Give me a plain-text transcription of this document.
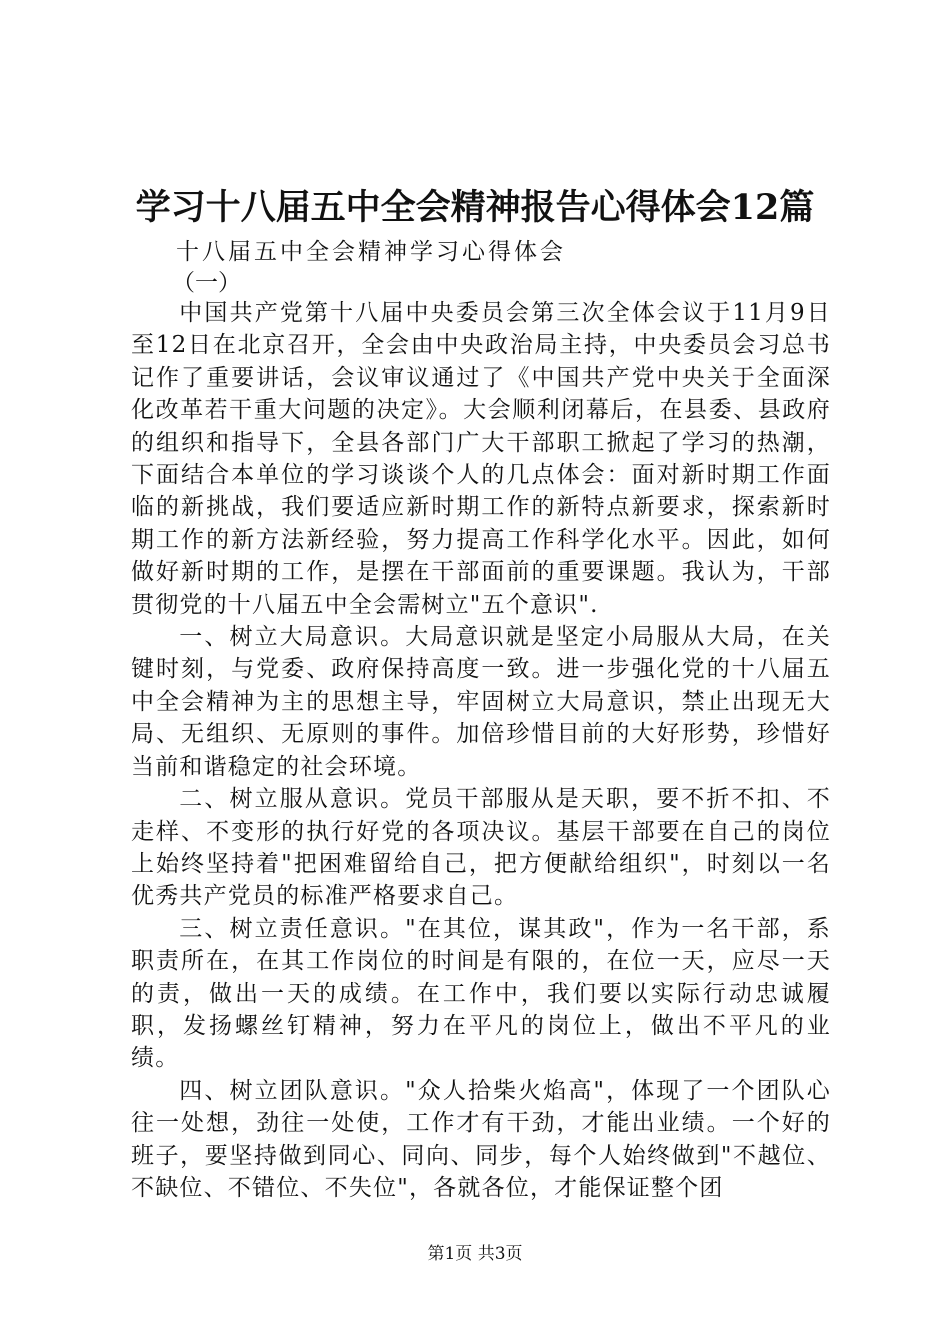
学习十八届五中全会精神报告心得体会12篇
十八届五中全会精神学习心得体会
（一）

中国共产党第十八届中央委员会第三次全体会议于11月9日至12日在北京召开，全会由中央政治局主持，中央委员会习总书记作了重要讲话，会议审议通过了《中国共产党中央关于全面深化改革若干重大问题的决定》。大会顺利闭幕后，在县委、县政府的组织和指导下，全县各部门广大干部职工掀起了学习的热潮，下面结合本单位的学习谈谈个人的几点体会：面对新时期工作面临的新挑战，我们要适应新时期工作的新特点新要求，探索新时期工作的新方法新经验，努力提高工作科学化水平。因此，如何做好新时期的工作，是摆在干部面前的重要课题。我认为，干部贯彻党的十八届五中全会需树立"五个意识".

一、树立大局意识。大局意识就是坚定小局服从大局，在关键时刻，与党委、政府保持高度一致。进一步强化党的十八届五中全会精神为主的思想主导，牢固树立大局意识，禁止出现无大局、无组织、无原则的事件。加倍珍惜目前的大好形势，珍惜好当前和谐稳定的社会环境。

二、树立服从意识。党员干部服从是天职，要不折不扣、不走样、不变形的执行好党的各项决议。基层干部要在自己的岗位上始终坚持着"把困难留给自己，把方便献给组织"，时刻以一名优秀共产党员的标准严格要求自己。

三、树立责任意识。"在其位，谋其政"，作为一名干部，系职责所在，在其工作岗位的时间是有限的，在位一天，应尽一天的责，做出一天的成绩。在工作中，我们要以实际行动忠诚履职，发扬螺丝钉精神，努力在平凡的岗位上，做出不平凡的业绩。

四、树立团队意识。"众人拾柴火焰高"，体现了一个团队心往一处想，劲往一处使，工作才有干劲，才能出业绩。一个好的班子，要坚持做到同心、同向、同步，每个人始终做到"不越位、不缺位、不错位、不失位"，各就各位，才能保证整个团

第1页 共3页
